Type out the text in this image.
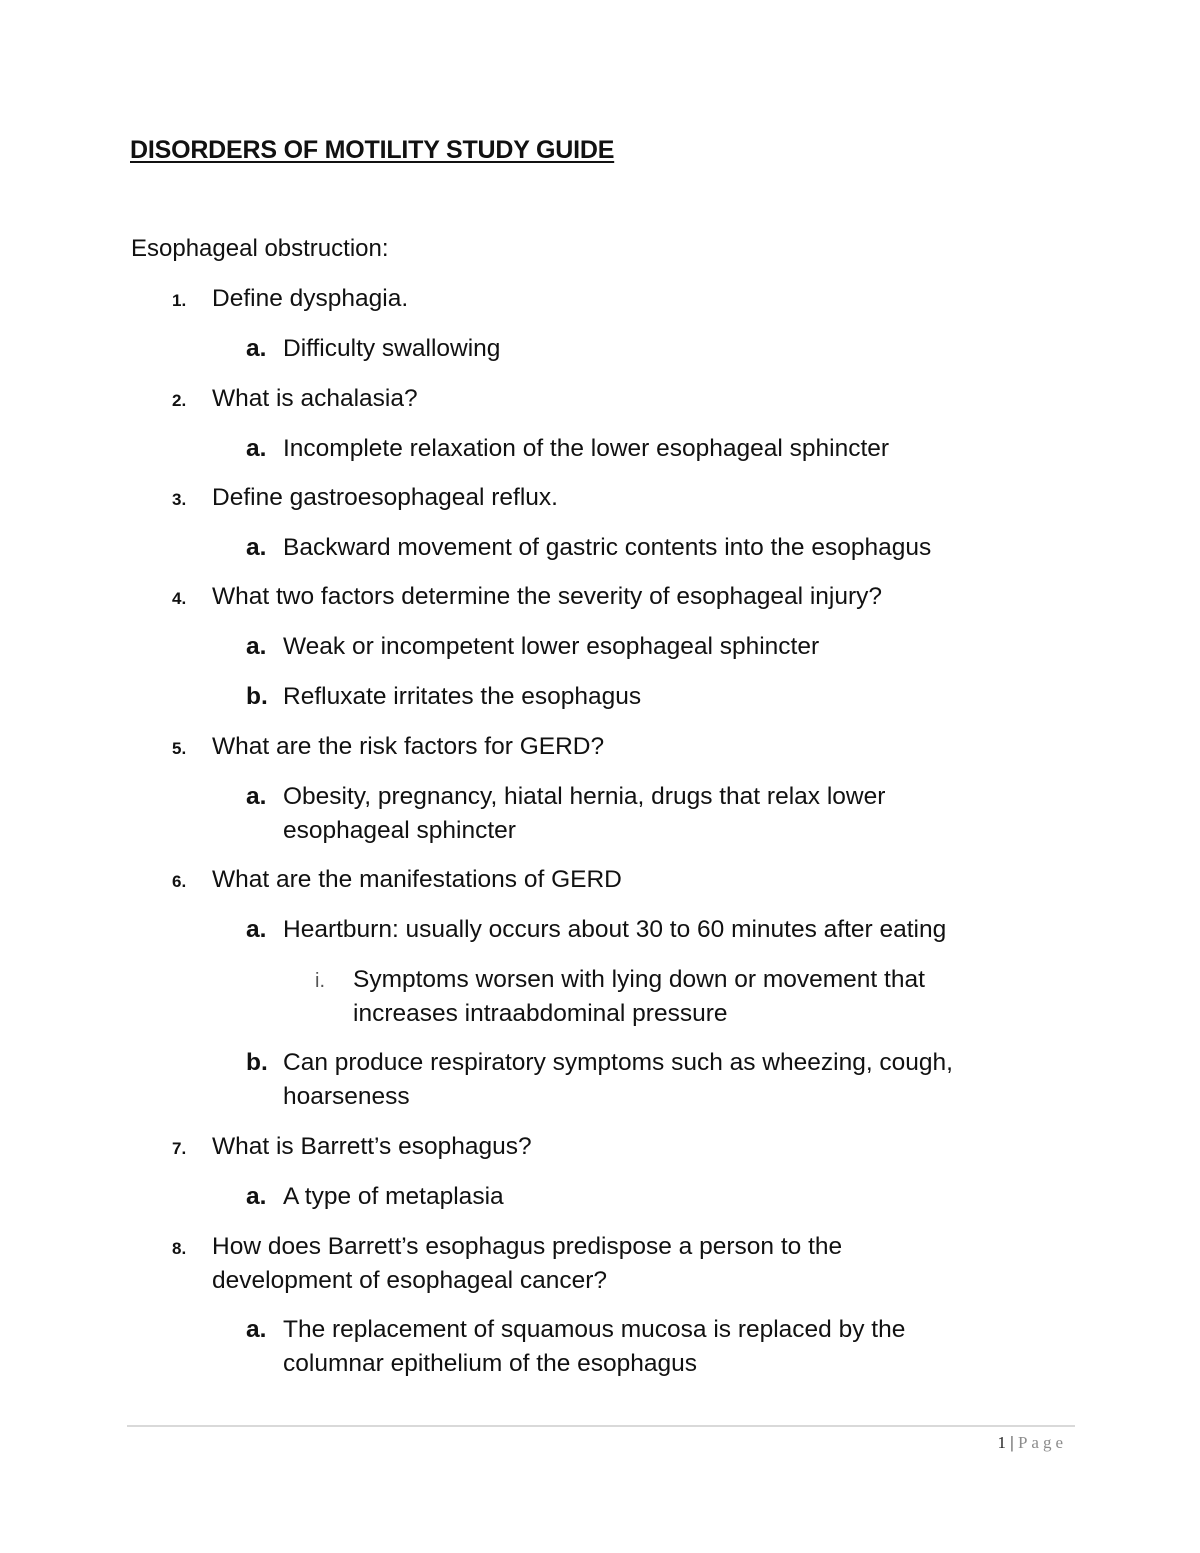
DISORDERS OF MOTILITY STUDY GUIDE
Esophageal obstruction:
1. Define dysphagia.
a. Difficulty swallowing
2. What is achalasia?
a. Incomplete relaxation of the lower esophageal sphincter
3. Define gastroesophageal reflux.
a. Backward movement of gastric contents into the esophagus
4. What two factors determine the severity of esophageal injury?
a. Weak or incompetent lower esophageal sphincter
b. Refluxate irritates the esophagus
5. What are the risk factors for GERD?
a. Obesity, pregnancy, hiatal hernia, drugs that relax lower esophageal sphincter
6. What are the manifestations of GERD
a. Heartburn: usually occurs about 30 to 60 minutes after eating
i. Symptoms worsen with lying down or movement that increases intraabdominal pressure
b. Can produce respiratory symptoms such as wheezing, cough, hoarseness
7. What is Barrett’s esophagus?
a. A type of metaplasia
8. How does Barrett’s esophagus predispose a person to the development of esophageal cancer?
a. The replacement of squamous mucosa is replaced by the columnar epithelium of the esophagus
1 | Page
